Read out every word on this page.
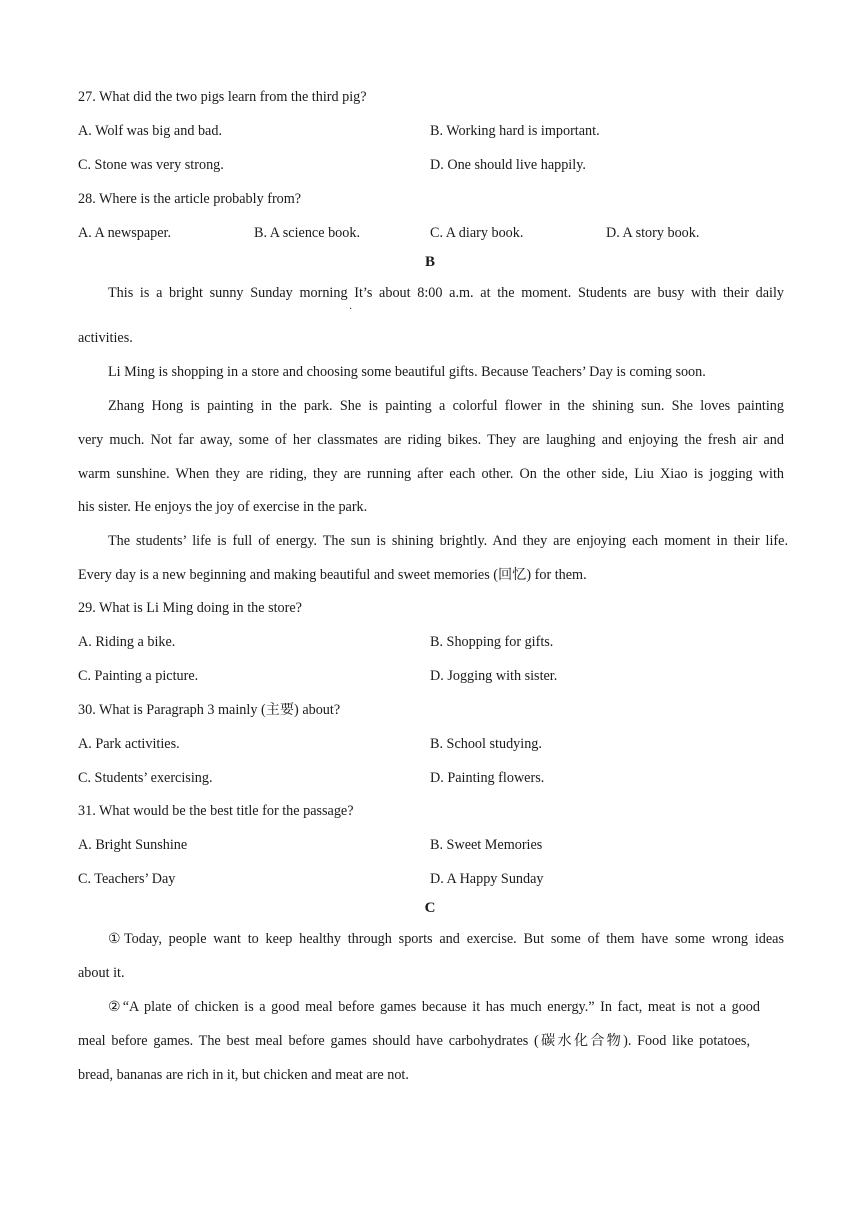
27. What did the two pigs learn from the third pig?
A. Wolf was big and bad.	B. Working hard is important.
C. Stone was very strong.	D. One should live happily.
28. Where is the article probably from?
A. A newspaper.	B. A science book.	C. A diary book.	D. A story book.
B
This is a bright sunny Sunday morning It’s about 8:00 a.m. at the moment. Students are busy with their daily
·
activities.
Li Ming is shopping in a store and choosing some beautiful gifts. Because Teachers’ Day is coming soon.
Zhang Hong is painting in the park. She is painting a colorful flower in the shining sun. She loves painting
very much. Not far away, some of her classmates are riding bikes. They are laughing and enjoying the fresh air and
warm sunshine. When they are riding, they are running after each other. On the other side, Liu Xiao is jogging with
his sister. He enjoys the joy of exercise in the park.
The students’ life is full of energy. The sun is shining brightly. And they are enjoying each moment in their life.
Every day is a new beginning and making beautiful and sweet memories (回忆) for them.
29. What is Li Ming doing in the store?
A. Riding a bike.	B. Shopping for gifts.
C. Painting a picture.	D. Jogging with sister.
30. What is Paragraph 3 mainly (主要) about?
A. Park activities.	B. School studying.
C. Students’ exercising.	D. Painting flowers.
31. What would be the best title for the passage?
A. Bright Sunshine	B. Sweet Memories
C. Teachers’ Day	D. A Happy Sunday
C
①Today, people want to keep healthy through sports and exercise. But some of them have some wrong ideas
about it.
②“A plate of chicken is a good meal before games because it has much energy.” In fact, meat is not a good
meal before games. The best meal before games should have carbohydrates (碳水化合物). Food like potatoes,
bread, bananas are rich in it, but chicken and meat are not.
